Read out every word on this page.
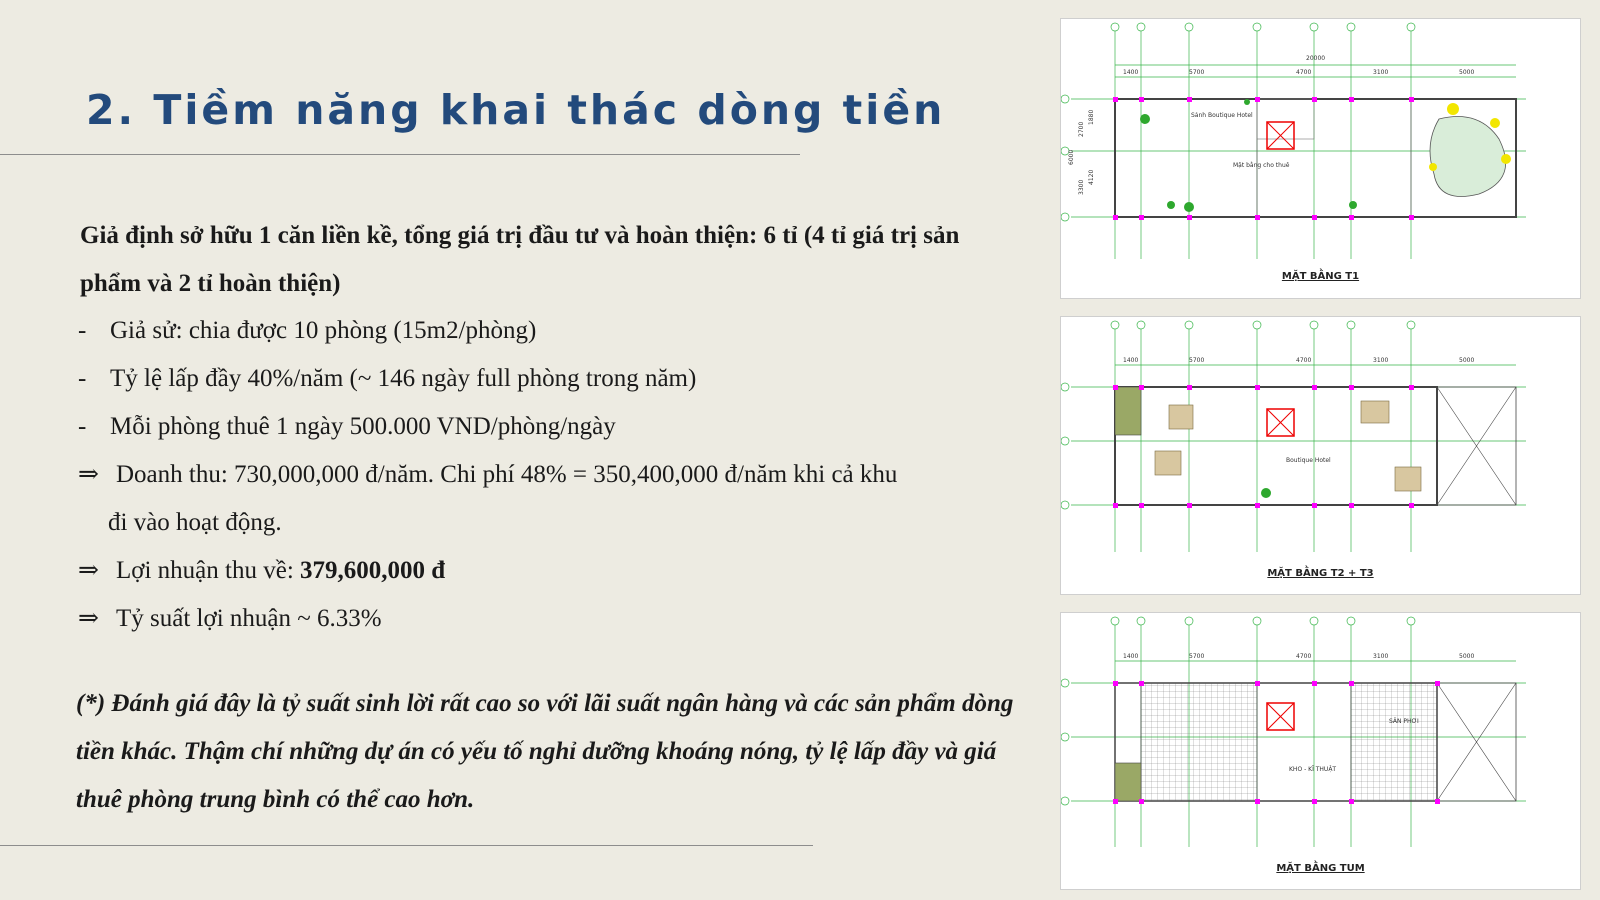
2. Tiềm năng khai thác dòng tiền

Giả định sở hữu 1 căn liền kề, tổng giá trị đầu tư và hoàn thiện: 6 tỉ (4 tỉ giá trị sản phẩm và 2 tỉ hoàn thiện)

- Giả sử: chia được 10 phòng (15m2/phòng)
- Tỷ lệ lấp đầy 40%/năm (~ 146 ngày full phòng trong năm)
- Mỗi phòng thuê 1 ngày 500.000 VND/phòng/ngày
⇒ Doanh thu: 730,000,000 đ/năm. Chi phí 48% = 350,400,000 đ/năm khi cả khu
đi vào hoạt động.
⇒ Lợi nhuận thu về: 379,600,000 đ
⇒ Tỷ suất lợi nhuận ~ 6.33%

(*) Đánh giá đây là tỷ suất sinh lời rất cao so với lãi suất ngân hàng và các sản phẩm dòng tiền khác. Thậm chí những dự án có yếu tố nghỉ dưỡng khoáng nóng, tỷ lệ lấp đầy và giá thuê phòng trung bình có thể cao hơn.

20000
1400	5700	4700	3100	5000
2700
1880
6000
3300
4120
Sảnh Boutique Hotel
Mặt bằng cho thuê
MẶT BẰNG T1
1400	5700	4700	3100	5000
Boutique Hotel
MẶT BẰNG T2 + T3
1400	5700	4700	3100	5000
KHO - KĨ THUẬT
SÂN PHƠI
MẶT BẰNG TUM
